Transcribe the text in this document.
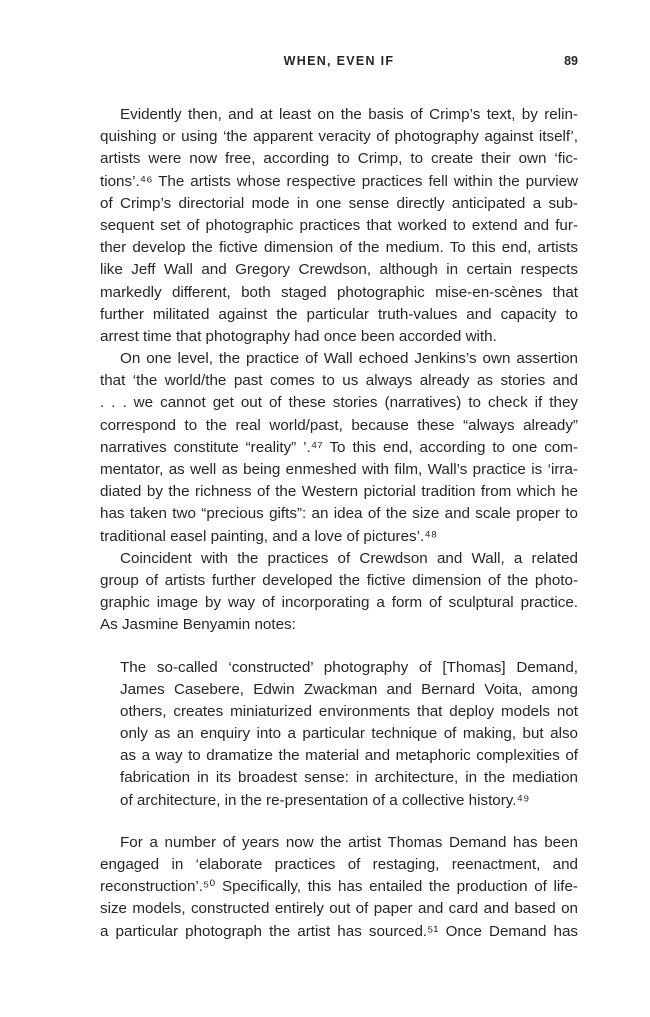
WHEN, EVEN IF	89
Evidently then, and at least on the basis of Crimp’s text, by relin-
quishing or using ‘the apparent veracity of photography against itself’,
artists were now free, according to Crimp, to create their own ‘fic-
tions’.⁴⁶ The artists whose respective practices fell within the purview
of Crimp’s directorial mode in one sense directly anticipated a sub-
sequent set of photographic practices that worked to extend and fur-
ther develop the fictive dimension of the medium. To this end, artists
like Jeff Wall and Gregory Crewdson, although in certain respects
markedly different, both staged photographic mise-en-scènes that
further militated against the particular truth-values and capacity to
arrest time that photography had once been accorded with.
On one level, the practice of Wall echoed Jenkins’s own assertion
that ‘the world/the past comes to us always already as stories and
. . . we cannot get out of these stories (narratives) to check if they
correspond to the real world/past, because these “always already”
narratives constitute “reality” ’.⁴⁷ To this end, according to one com-
mentator, as well as being enmeshed with film, Wall’s practice is ‘irra-
diated by the richness of the Western pictorial tradition from which he
has taken two “precious gifts”: an idea of the size and scale proper to
traditional easel painting, and a love of pictures’.⁴⁸
Coincident with the practices of Crewdson and Wall, a related
group of artists further developed the fictive dimension of the photo-
graphic image by way of incorporating a form of sculptural practice.
As Jasmine Benyamin notes:
The so-called ‘constructed’ photography of [Thomas] Demand,
James Casebere, Edwin Zwackman and Bernard Voita, among
others, creates miniaturized environments that deploy models not
only as an enquiry into a particular technique of making, but also
as a way to dramatize the material and metaphoric complexities of
fabrication in its broadest sense: in architecture, in the mediation
of architecture, in the re-presentation of a collective history.⁴⁹
For a number of years now the artist Thomas Demand has been
engaged in ‘elaborate practices of restaging, reenactment, and
reconstruction’.⁵⁰ Specifically, this has entailed the production of life-
size models, constructed entirely out of paper and card and based on
a particular photograph the artist has sourced.⁵¹ Once Demand has
